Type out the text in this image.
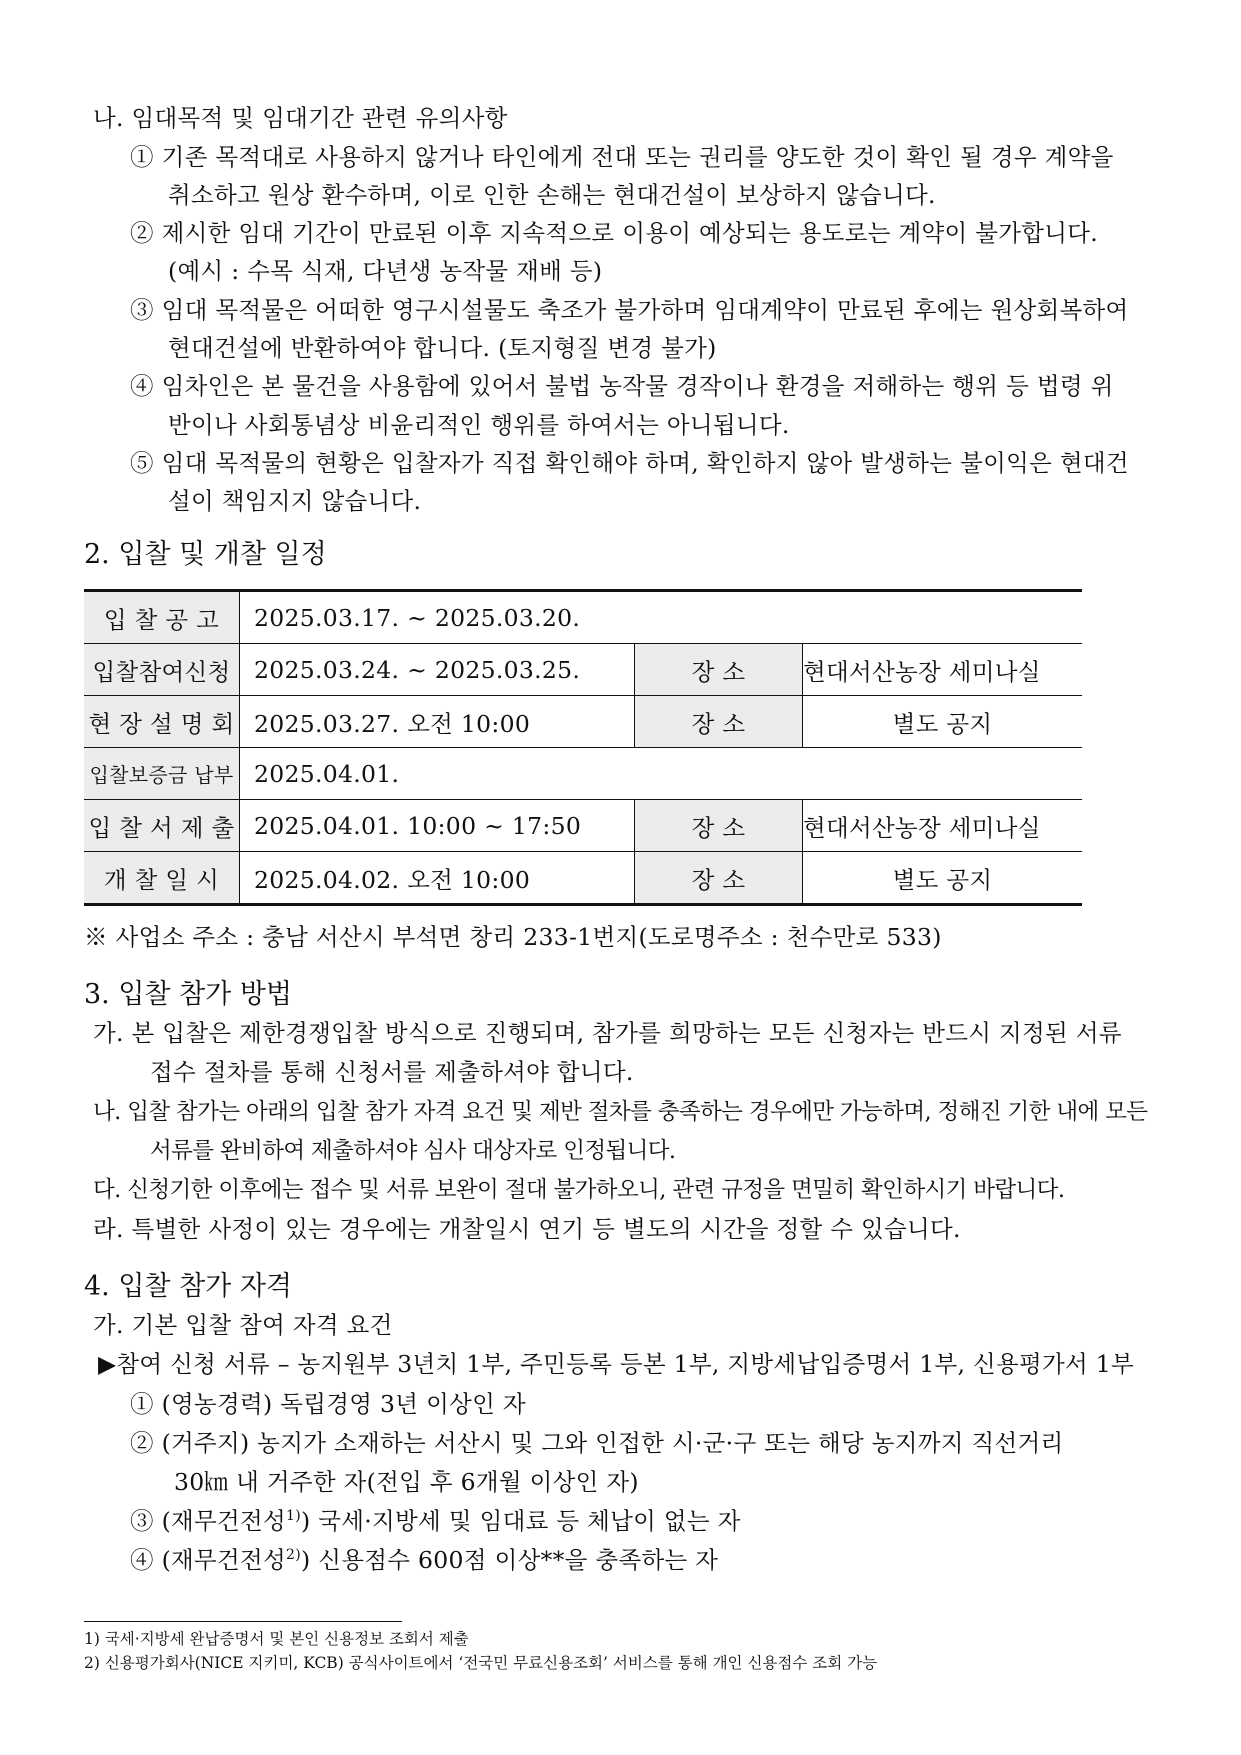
나. 임대목적 및 임대기간 관련 유의사항
① 기존 목적대로 사용하지 않거나 타인에게 전대 또는 권리를 양도한 것이 확인 될 경우 계약을
취소하고 원상 환수하며, 이로 인한 손해는 현대건설이 보상하지 않습니다.
② 제시한 임대 기간이 만료된 이후 지속적으로 이용이 예상되는 용도로는 계약이 불가합니다.
(예시 : 수목 식재, 다년생 농작물 재배 등)
③ 임대 목적물은 어떠한 영구시설물도 축조가 불가하며 임대계약이 만료된 후에는 원상회복하여
현대건설에 반환하여야 합니다. (토지형질 변경 불가)
④ 임차인은 본 물건을 사용함에 있어서 불법 농작물 경작이나 환경을 저해하는 행위 등 법령 위
반이나 사회통념상 비윤리적인 행위를 하여서는 아니됩니다.
⑤ 임대 목적물의 현황은 입찰자가 직접 확인해야 하며, 확인하지 않아 발생하는 불이익은 현대건
설이 책임지지 않습니다.
2. 입찰 및 개찰 일정
입 찰 공 고	2025.03.17. ~ 2025.03.20.		
입찰참여신청	2025.03.24. ~ 2025.03.25.	장 소	현대서산농장 세미나실
현 장 설 명 회	2025.03.27. 오전 10:00	장 소	별도 공지
입찰보증금 납부	2025.04.01.		
입 찰 서 제 출	2025.04.01. 10:00 ~ 17:50	장 소	현대서산농장 세미나실
개 찰 일 시	2025.04.02. 오전 10:00	장 소	별도 공지
※ 사업소 주소 : 충남 서산시 부석면 창리 233-1번지(도로명주소 : 천수만로 533)
3. 입찰 참가 방법
가. 본 입찰은 제한경쟁입찰 방식으로 진행되며, 참가를 희망하는 모든 신청자는 반드시 지정된 서류
접수 절차를 통해 신청서를 제출하셔야 합니다.
나. 입찰 참가는 아래의 입찰 참가 자격 요건 및 제반 절차를 충족하는 경우에만 가능하며, 정해진 기한 내에 모든
서류를 완비하여 제출하셔야 심사 대상자로 인정됩니다.
다. 신청기한 이후에는 접수 및 서류 보완이 절대 불가하오니, 관련 규정을 면밀히 확인하시기 바랍니다.
라. 특별한 사정이 있는 경우에는 개찰일시 연기 등 별도의 시간을 정할 수 있습니다.
4. 입찰 참가 자격
가. 기본 입찰 참여 자격 요건
▶참여 신청 서류 – 농지원부 3년치 1부, 주민등록 등본 1부, 지방세납입증명서 1부, 신용평가서 1부
① (영농경력) 독립경영 3년 이상인 자
② (거주지) 농지가 소재하는 서산시 및 그와 인접한 시·군·구 또는 해당 농지까지 직선거리
30㎞ 내 거주한 자(전입 후 6개월 이상인 자)
③ (재무건전성$^{1)}$) 국세·지방세 및 임대료 등 체납이 없는 자
④ (재무건전성$^{2)}$) 신용점수 600점 이상**을 충족하는 자
1) 국세·지방세 완납증명서 및 본인 신용정보 조회서 제출
2) 신용평가회사(NICE 지키미, KCB) 공식사이트에서 ‘전국민 무료신용조회’ 서비스를 통해 개인 신용점수 조회 가능
